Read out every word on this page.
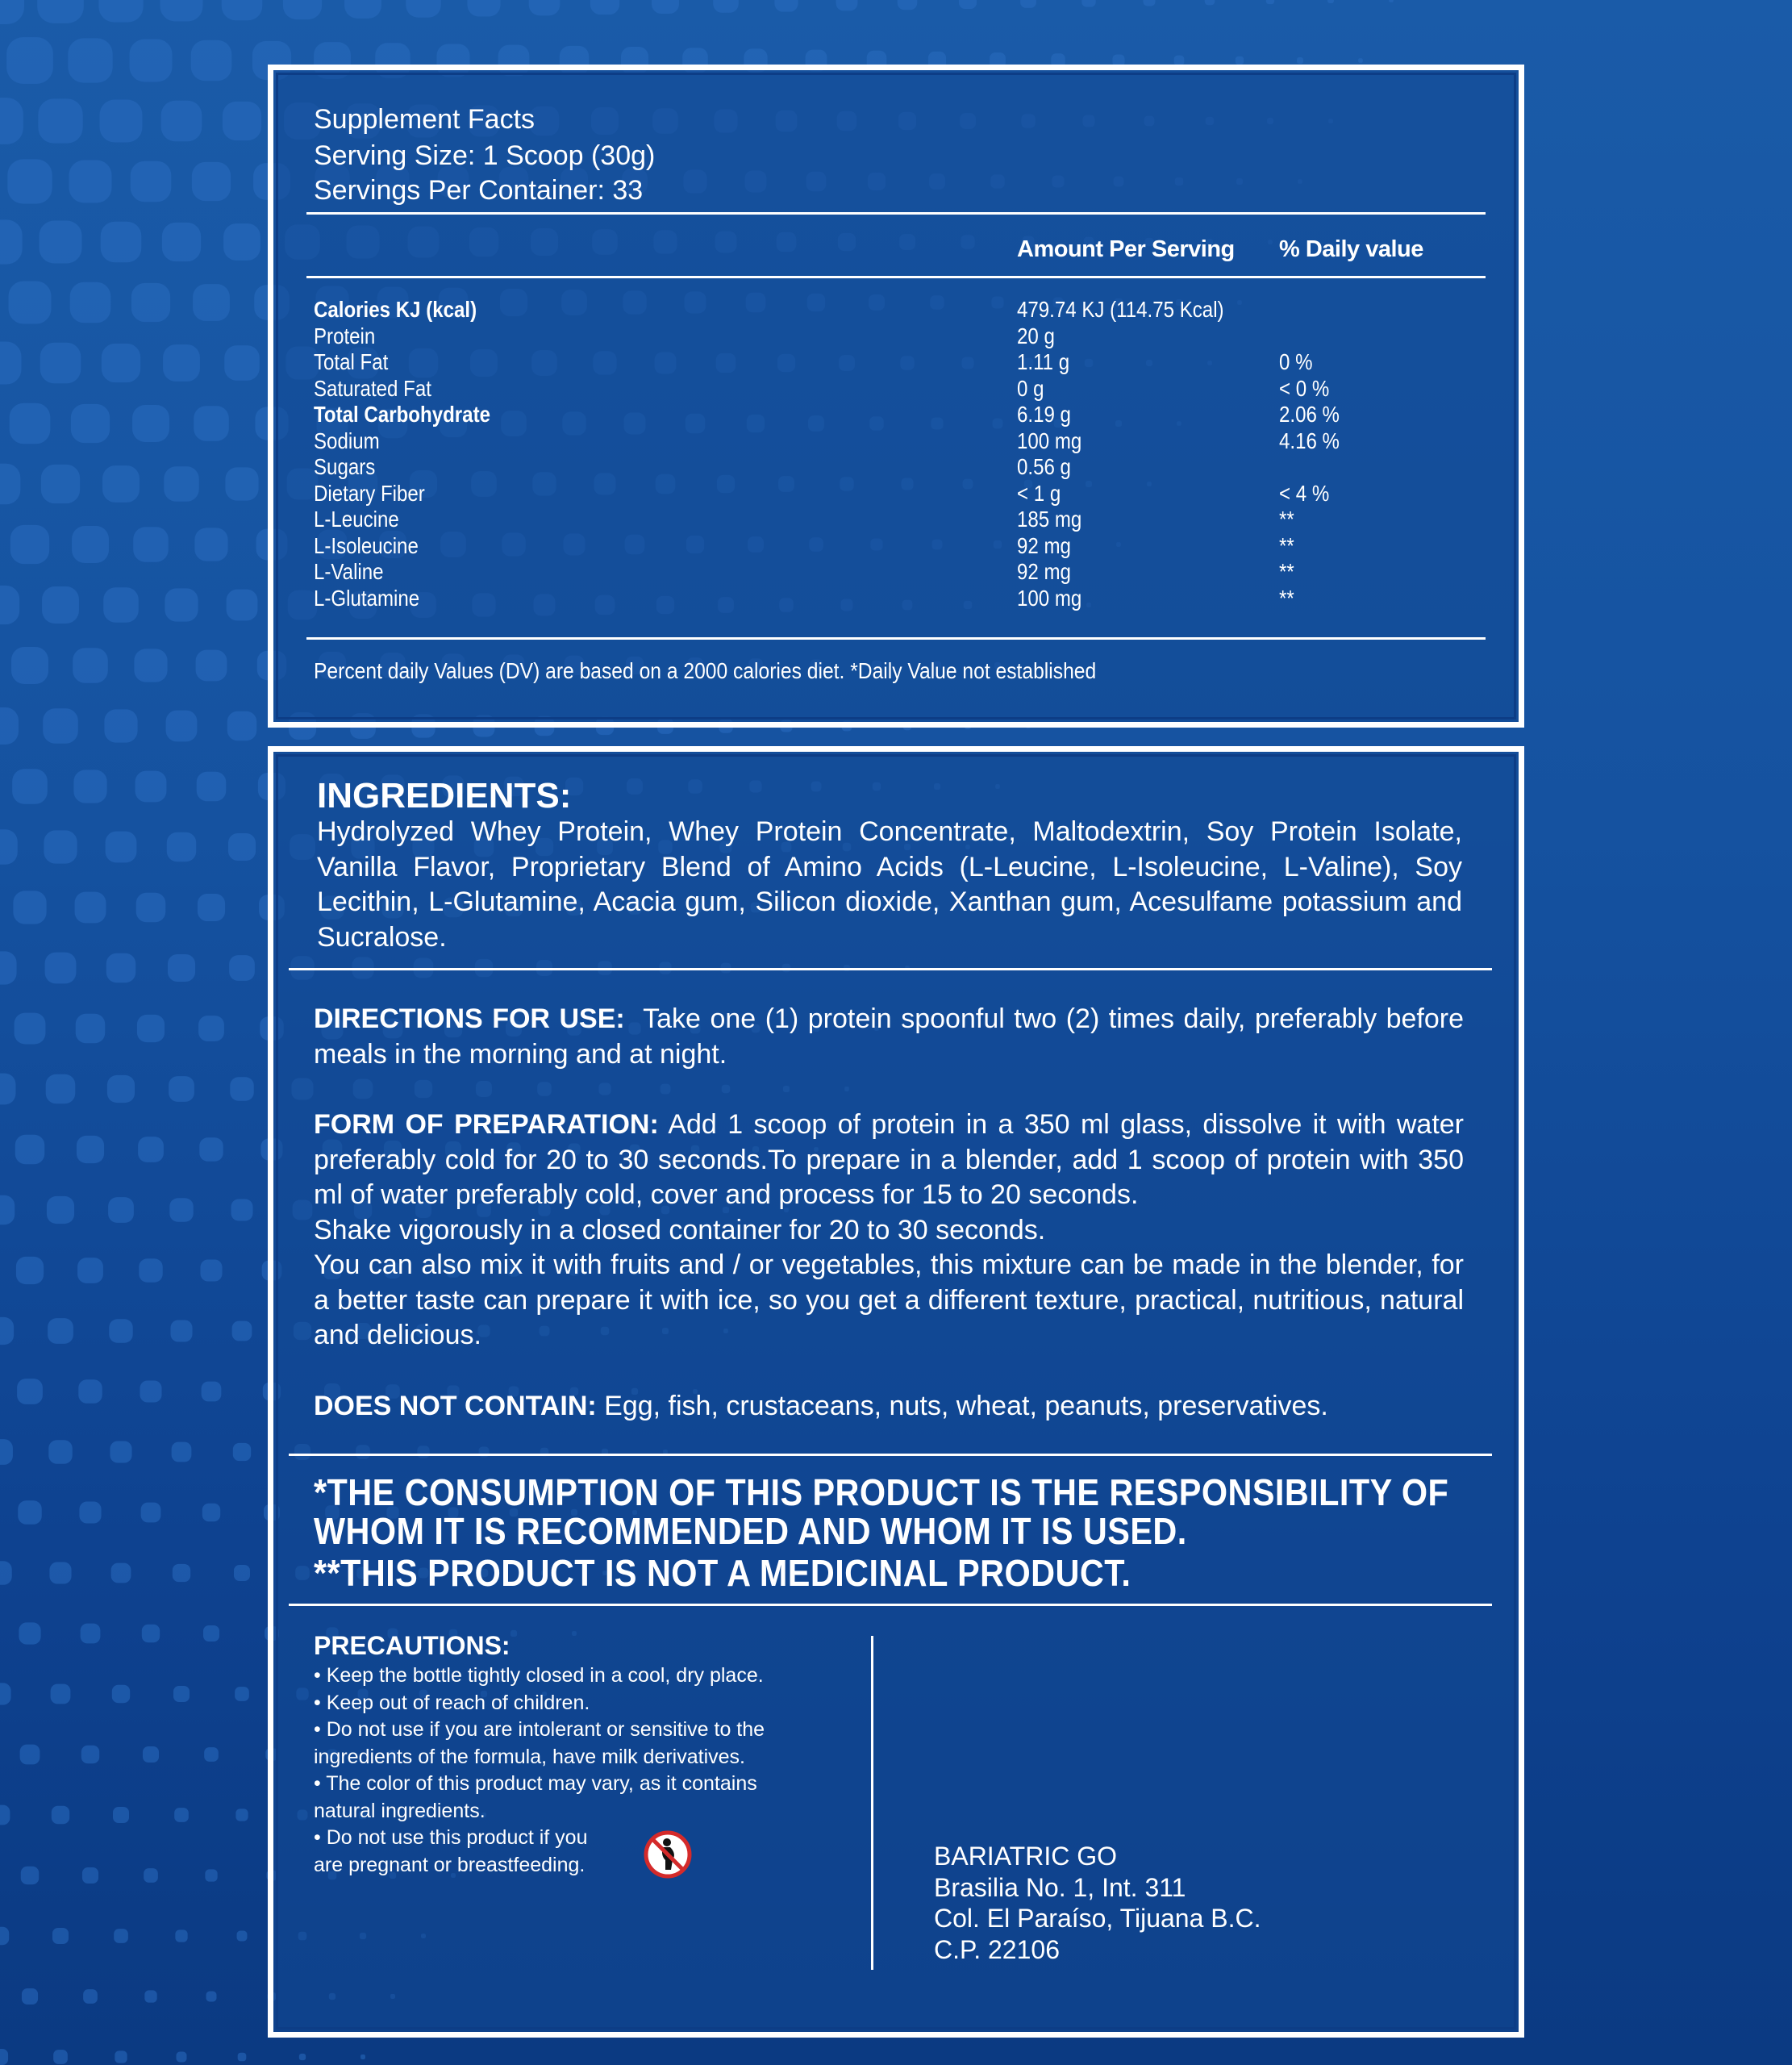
Supplement Facts
Serving Size: 1 Scoop (30g)
Servings Per Container: 33
Amount Per Serving % Daily value
Calories KJ (kcal)	479.74 KJ (114.75 Kcal)
Protein	20 g
Total Fat	1.11 g	0 %
Saturated Fat	0 g	< 0 %
Total Carbohydrate	6.19 g	2.06 %
Sodium	100 mg	4.16 %
Sugars	0.56 g
Dietary Fiber	< 1 g	< 4 %
L-Leucine	185 mg	**
L-Isoleucine	92 mg	**
L-Valine	92 mg	**
L-Glutamine	100 mg	**
Percent daily Values (DV) are based on a 2000 calories diet. *Daily Value not established
INGREDIENTS:
Hydrolyzed Whey Protein, Whey Protein Concentrate, Maltodextrin, Soy Protein Isolate, Vanilla Flavor, Proprietary Blend of Amino Acids (L-Leucine, L-Isoleucine, L-Valine), Soy Lecithin, L-Glutamine, Acacia gum, Silicon dioxide, Xanthan gum, Acesulfame potassium and Sucralose.
DIRECTIONS FOR USE: Take one (1) protein spoonful two (2) times daily, preferably before meals in the morning and at night.
FORM OF PREPARATION: Add 1 scoop of protein in a 350 ml glass, dissolve it with water preferably cold for 20 to 30 seconds.To prepare in a blender, add 1 scoop of protein with 350 ml of water preferably cold, cover and process for 15 to 20 seconds.
Shake vigorously in a closed container for 20 to 30 seconds.
You can also mix it with fruits and / or vegetables, this mixture can be made in the blender, for a better taste can prepare it with ice, so you get a different texture, practical, nutritious, natural and delicious.
DOES NOT CONTAIN: Egg, fish, crustaceans, nuts, wheat, peanuts, preservatives.
*THE CONSUMPTION OF THIS PRODUCT IS THE RESPONSIBILITY OF
WHOM IT IS RECOMMENDED AND WHOM IT IS USED.
**THIS PRODUCT IS NOT A MEDICINAL PRODUCT.
PRECAUTIONS:
• Keep the bottle tightly closed in a cool, dry place.
• Keep out of reach of children.
• Do not use if you are intolerant or sensitive to the
ingredients of the formula, have milk derivatives.
• The color of this product may vary, as it contains
natural ingredients.
• Do not use this product if you
are pregnant or breastfeeding.	BARIATRIC GO
Brasilia No. 1, Int. 311
Col. El Paraíso, Tijuana B.C.
C.P. 22106
